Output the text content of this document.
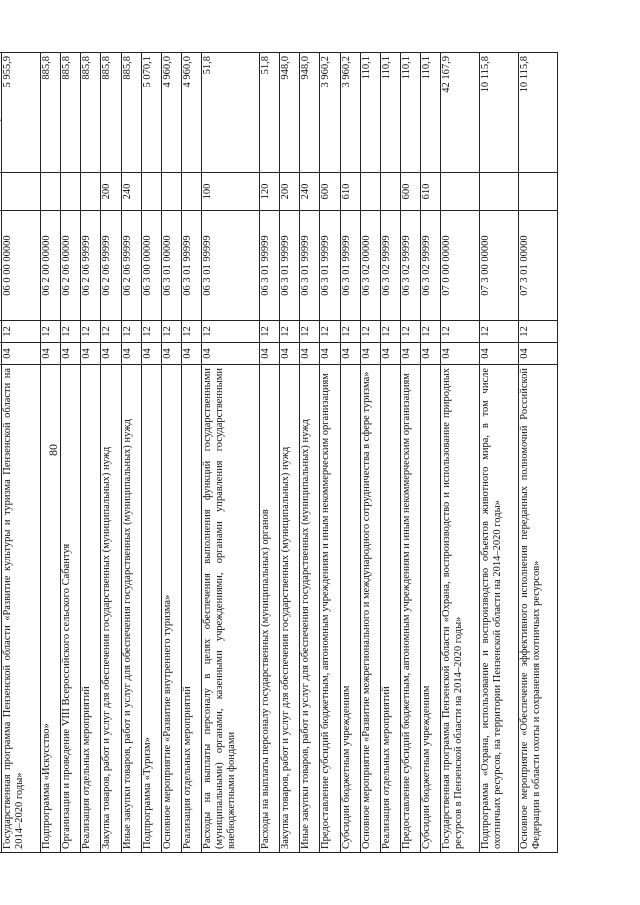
80

Государственная программа Пензенской области «Развитие культуры и туризма Пензенской области на 2014–2020 годы»	04	12	06 0 00 00000		5 955,9
Подпрограмма «Искусство»	04	12	06 2 00 00000		885,8
Организация и проведение VIII Всероссийского сельского Сабантуя	04	12	06 2 06 00000		885,8
Реализация отдельных мероприятий	04	12	06 2 06 99999		885,8
Закупка товаров, работ и услуг для обеспечения государственных (муниципальных) нужд	04	12	06 2 06 99999	200	885,8
Иные закупки товаров, работ и услуг для обеспечения государственных (муниципальных) нужд	04	12	06 2 06 99999	240	885,8
Подпрограмма «Туризм»	04	12	06 3 00 00000		5 070,1
Основное мероприятие «Развитие внутреннего туризма»	04	12	06 3 01 00000		4 960,0
Реализация отдельных мероприятий	04	12	06 3 01 99999		4 960,0
Расходы на выплаты персоналу в целях обеспечения выполнения функций государственными (муниципальными) органами, казенными учреждениями, органами управления государственными внебюджетными фондами	04	12	06 3 01 99999	100	51,8
Расходы на выплаты персоналу государственных (муниципальных) органов	04	12	06 3 01 99999	120	51,8
Закупка товаров, работ и услуг для обеспечения государственных (муниципальных) нужд	04	12	06 3 01 99999	200	948,0
Иные закупки товаров, работ и услуг для обеспечения государственных (муниципальных) нужд	04	12	06 3 01 99999	240	948,0
Предоставление субсидий бюджетным, автономным учреждениям и иным некоммерческим организациям	04	12	06 3 01 99999	600	3 960,2
Субсидии бюджетным учреждениям	04	12	06 3 01 99999	610	3 960,2
Основное мероприятие «Развитие межрегионального и международного сотрудничества в сфере туризма»	04	12	06 3 02 00000		110,1
Реализация отдельных мероприятий	04	12	06 3 02 99999		110,1
Предоставление субсидий бюджетным, автономным учреждениям и иным некоммерческим организациям	04	12	06 3 02 99999	600	110,1
Субсидии бюджетным учреждениям	04	12	06 3 02 99999	610	110,1
Государственная программа Пензенской области «Охрана, воспроизводство и использование природных ресурсов в Пензенской области на 2014–2020 годы»	04	12	07 0 00 00000		42 167,9
Подпрограмма «Охрана, использование и воспроизводство объектов животного мира, в том числе охотничьих ресурсов, на территории Пензенской области на 2014–2020 годы»	04	12	07 3 00 00000		10 115,8
Основное мероприятие «Обеспечение эффективного исполнения переданных полномочий Российской Федерации в области охоты и сохранения охотничьих ресурсов»	04	12	07 3 01 00000		10 115,8
